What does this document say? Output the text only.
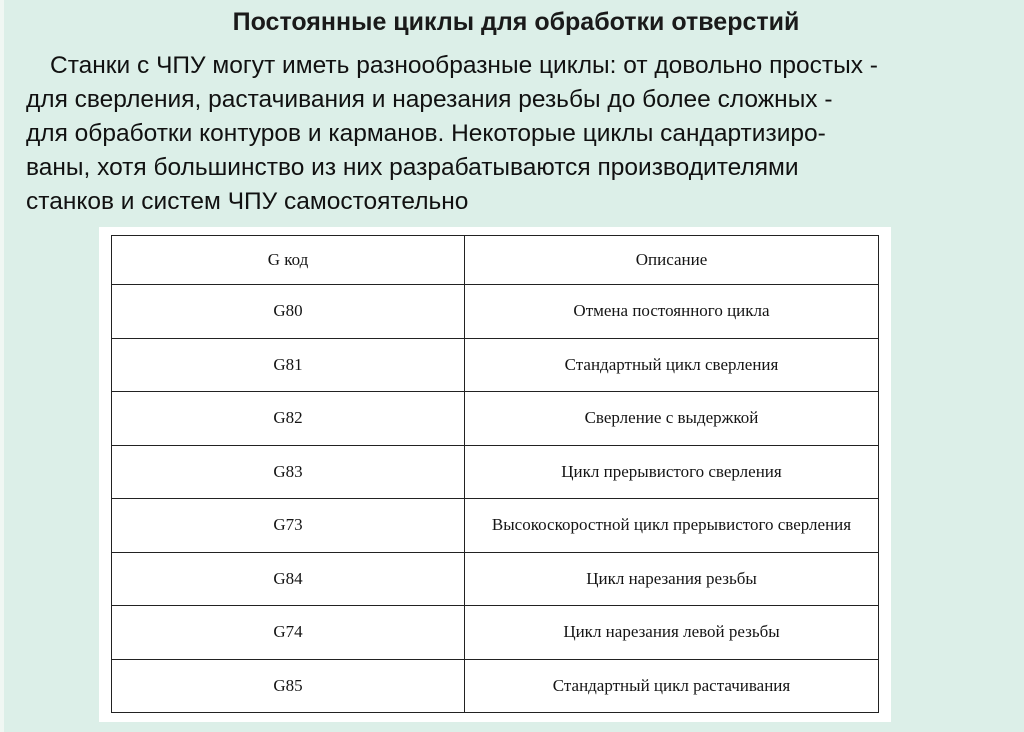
Постоянные циклы для обработки отверстий
Станки с ЧПУ могут иметь разнообразные циклы: от довольно простых -
для сверления, растачивания и нарезания резьбы до более сложных -
для обработки контуров и карманов. Некоторые циклы сандартизиро-
ваны, хотя большинство из них разрабатываются производителями
станков и систем ЧПУ самостоятельно
G код	Описание
G80	Отмена постоянного цикла
G81	Стандартный цикл сверления
G82	Сверление с выдержкой
G83	Цикл прерывистого сверления
G73	Высокоскоростной цикл прерывистого сверления
G84	Цикл нарезания резьбы
G74	Цикл нарезания левой резьбы
G85	Стандартный цикл растачивания
